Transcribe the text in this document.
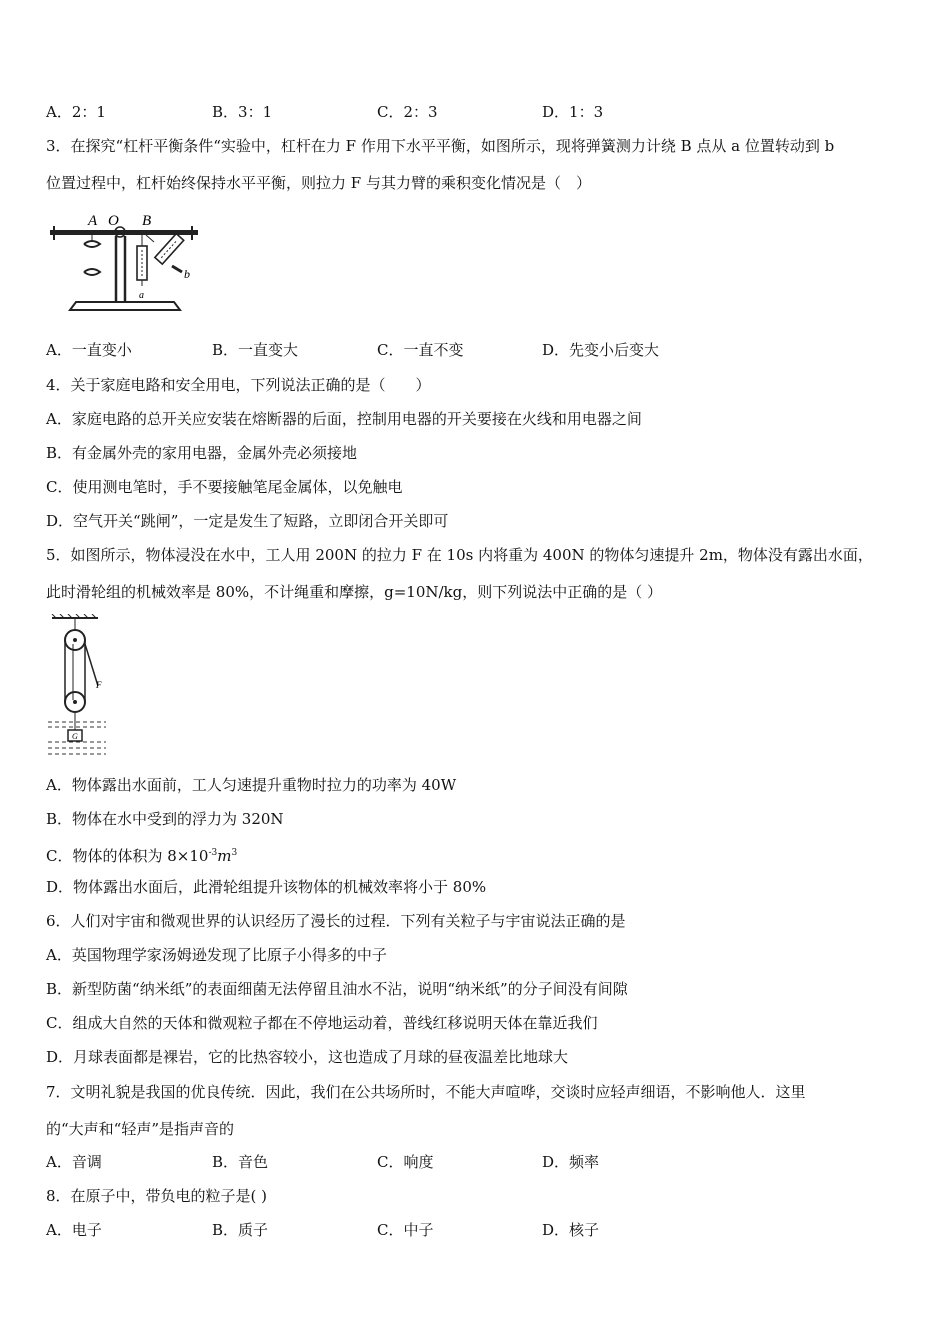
A．2：1	B．3：1	C．2：3	D．1：3
3．在探究“杠杆平衡条件“实验中，杠杆在力 F 作用下水平平衡，如图所示，现将弹簧测力计绕 B 点从 a 位置转动到 b
位置过程中，杠杆始终保持水平平衡，则拉力 F 与其力臂的乘积变化情况是（　）
A O B
a
b
A．一直变小	B．一直变大	C．一直不变	D．先变小后变大
4．关于家庭电路和安全用电，下列说法正确的是（　　）
A．家庭电路的总开关应安装在熔断器的后面，控制用电器的开关要接在火线和用电器之间
B．有金属外壳的家用电器，金属外壳必须接地
C．使用测电笔时，手不要接触笔尾金属体，以免触电
D．空气开关“跳闸”，一定是发生了短路，立即闭合开关即可
5．如图所示，物体浸没在水中，工人用 200N 的拉力 F 在 10s 内将重为 400N 的物体匀速提升 2m，物体没有露出水面，
此时滑轮组的机械效率是 80%，不计绳重和摩擦，g=10N/kg，则下列说法中正确的是（ ）
F
G
A．物体露出水面前，工人匀速提升重物时拉力的功率为 40W
B．物体在水中受到的浮力为 320N
C．物体的体积为 $8\times 10^{-3}m^3$
D．物体露出水面后，此滑轮组提升该物体的机械效率将小于 80%
6．人们对宇宙和微观世界的认识经历了漫长的过程．下列有关粒子与宇宙说法正确的是
A．英国物理学家汤姆逊发现了比原子小得多的中子
B．新型防菌“纳米纸”的表面细菌无法停留且油水不沾，说明“纳米纸”的分子间没有间隙
C．组成大自然的天体和微观粒子都在不停地运动着，普线红移说明天体在靠近我们
D．月球表面都是裸岩，它的比热容较小，这也造成了月球的昼夜温差比地球大
7．文明礼貌是我国的优良传统．因此，我们在公共场所时，不能大声喧哗，交谈时应轻声细语，不影响他人．这里
的“大声和“轻声”是指声音的
A．音调	B．音色	C．响度	D．频率
8．在原子中，带负电的粒子是( )
A．电子	B．质子	C．中子	D．核子
